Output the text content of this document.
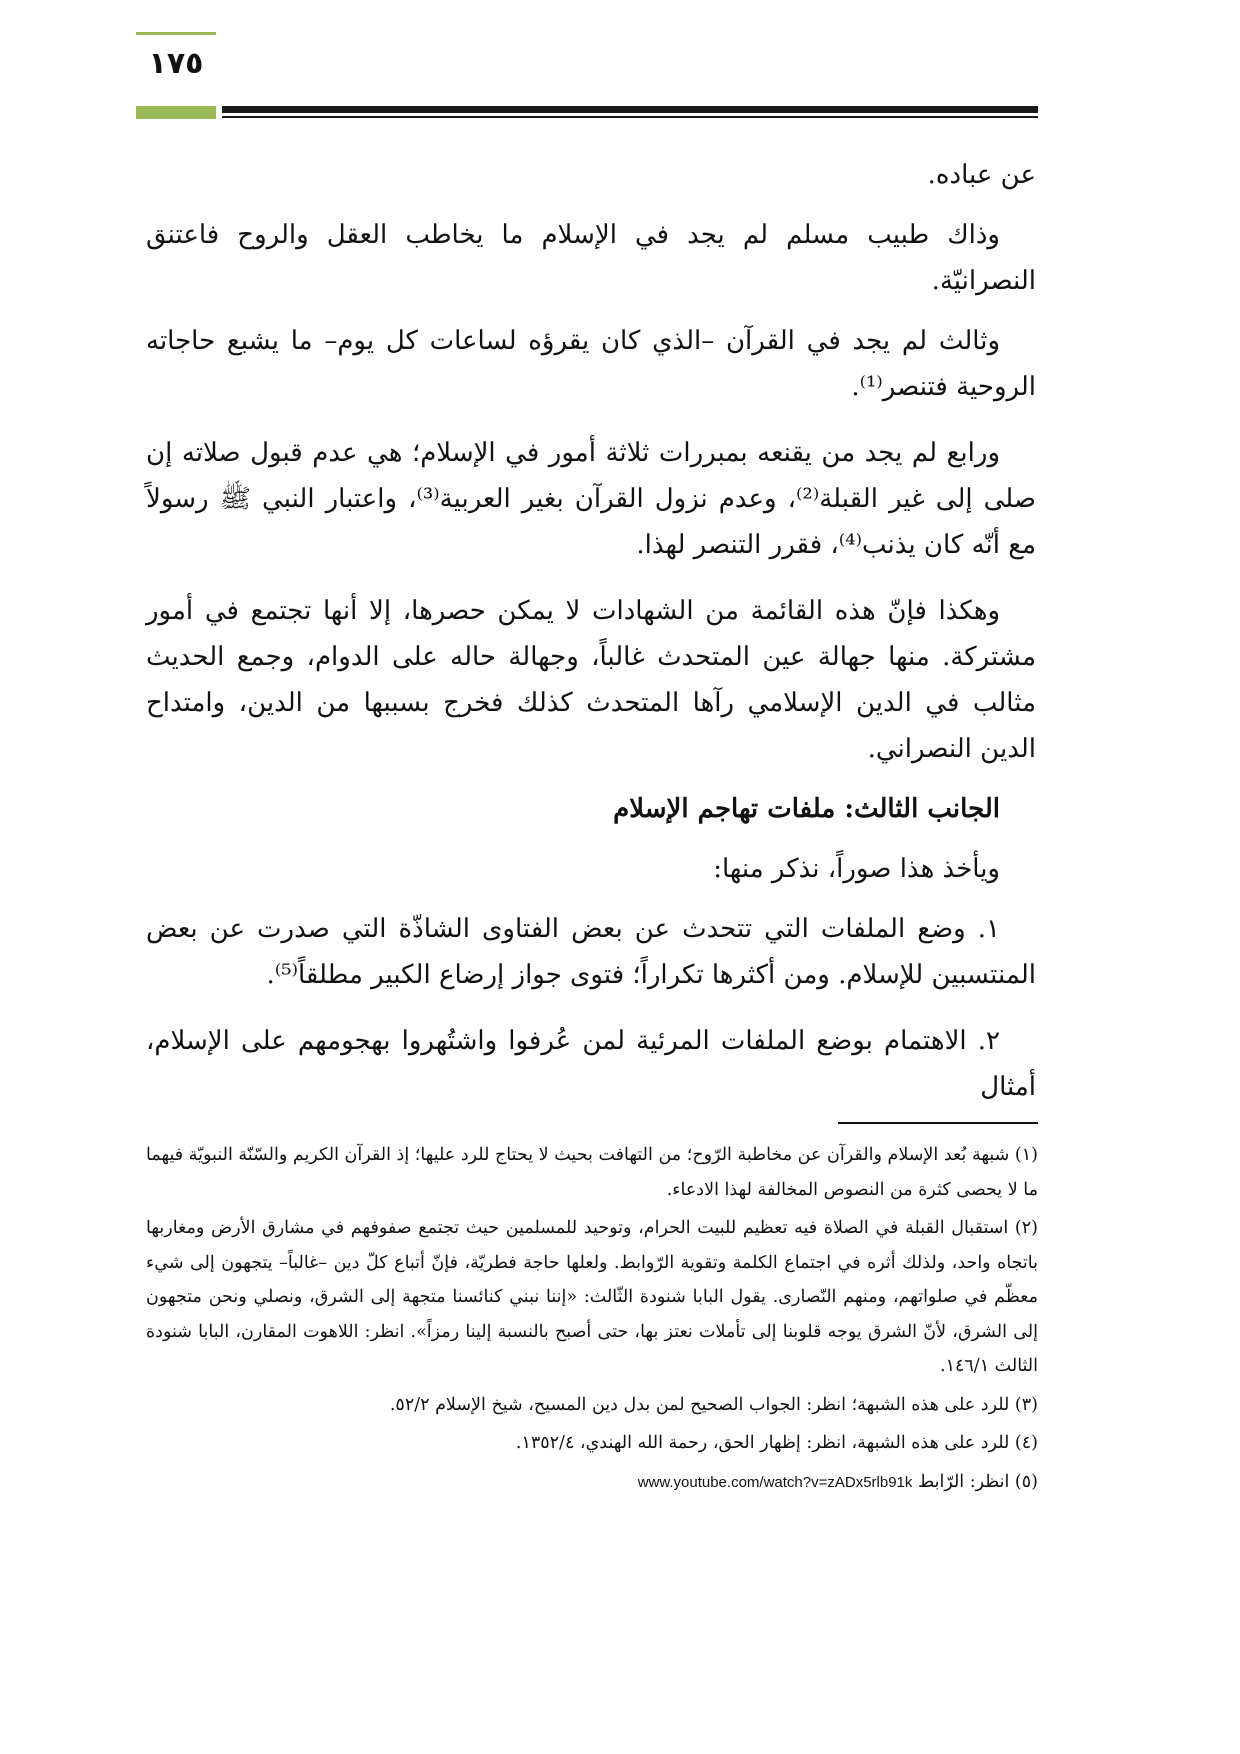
١٧٥

عن عباده.

وذاك طبيب مسلم لم يجد في الإسلام ما يخاطب العقل والروح فاعتنق النصرانيّة.

وثالث لم يجد في القرآن –الذي كان يقرؤه لساعات كل يوم– ما يشبع حاجاته الروحية فتنصر⁽¹⁾.

ورابع لم يجد من يقنعه بمبررات ثلاثة أمور في الإسلام؛ هي عدم قبول صلاته إن صلى إلى غير القبلة⁽²⁾، وعدم نزول القرآن بغير العربية⁽³⁾، واعتبار النبي ﷺ رسولاً مع أنّه كان يذنب⁽⁴⁾، فقرر التنصر لهذا.

وهكذا فإنّ هذه القائمة من الشهادات لا يمكن حصرها، إلا أنها تجتمع في أمور مشتركة. منها جهالة عين المتحدث غالباً، وجهالة حاله على الدوام، وجمع الحديث مثالب في الدين الإسلامي رآها المتحدث كذلك فخرج بسببها من الدين، وامتداح الدين النصراني.

الجانب الثالث: ملفات تهاجم الإسلام

ويأخذ هذا صوراً، نذكر منها:

١. وضع الملفات التي تتحدث عن بعض الفتاوى الشاذّة التي صدرت عن بعض المنتسبين للإسلام. ومن أكثرها تكراراً؛ فتوى جواز إرضاع الكبير مطلقاً⁽⁵⁾.

٢. الاهتمام بوضع الملفات المرئية لمن عُرفوا واشتُهروا بهجومهم على الإسلام، أمثال

(١) شبهة بُعد الإسلام والقرآن عن مخاطبة الرّوح؛ من التهافت بحيث لا يحتاج للرد عليها؛ إذ القرآن الكريم والسّنّة النبويّة فيهما ما لا يحصى كثرة من النصوص المخالفة لهذا الادعاء.

(٢) استقبال القبلة في الصلاة فيه تعظيم للبيت الحرام، وتوحيد للمسلمين حيث تجتمع صفوفهم في مشارق الأرض ومغاربها باتجاه واحد، ولذلك أثره في اجتماع الكلمة وتقوية الرّوابط. ولعلها حاجة فطريّة، فإنّ أتباع كلّ دين –غالباً– يتجهون إلى شيء معظّم في صلواتهم، ومنهم النّصارى. يقول البابا شنودة الثّالث: «إننا نبني كنائسنا متجهة إلى الشرق، ونصلي ونحن متجهون إلى الشرق، لأنّ الشرق يوجه قلوبنا إلى تأملات نعتز بها، حتى أصبح بالنسبة إلينا رمزاً». انظر: اللاهوت المقارن، البابا شنودة الثالث ١٤٦/١.

(٣) للرد على هذه الشبهة؛ انظر: الجواب الصحيح لمن بدل دين المسيح، شيخ الإسلام ٥٢/٢.

(٤) للرد على هذه الشبهة، انظر: إظهار الحق، رحمة الله الهندي، ١٣٥٢/٤.

(٥) انظر: الرّابط www.youtube.com/watch?v=zADx5rlb91k
